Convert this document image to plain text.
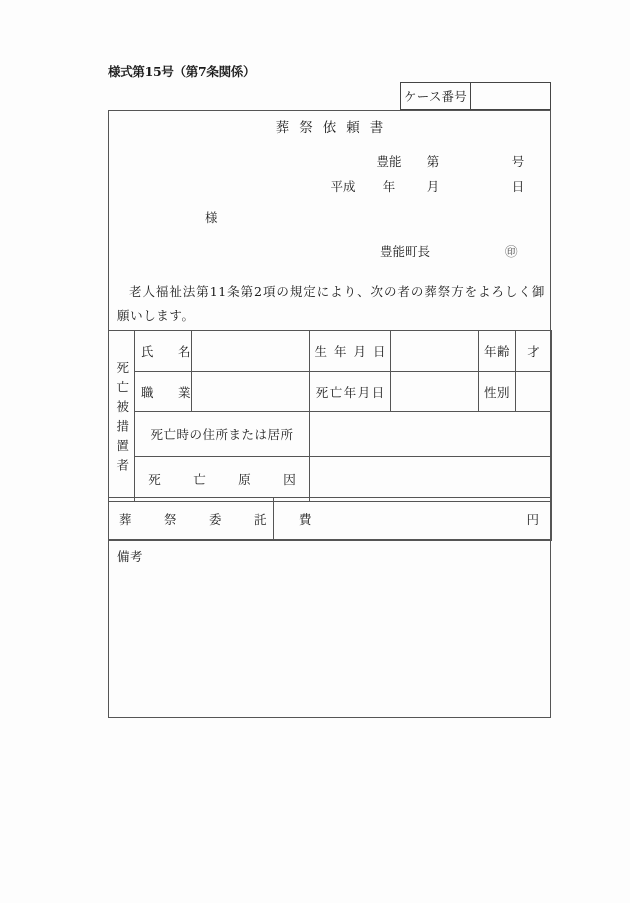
様式第15号（第7条関係）
ケース番号
葬祭依頼書
豊能	第	号
平成	年	月	日
様
豊能町長	㊞
老人福祉法第11条第2項の規定により、次の者の葬祭方をよろしく御願いします。
死亡被措置者	氏　名		生 年 月 日		年齢	才
	職　業		死亡年月日		性別	
	死亡時の住所または居所					
	死　亡　原　因					
葬　祭　委　託　費	円
備考
